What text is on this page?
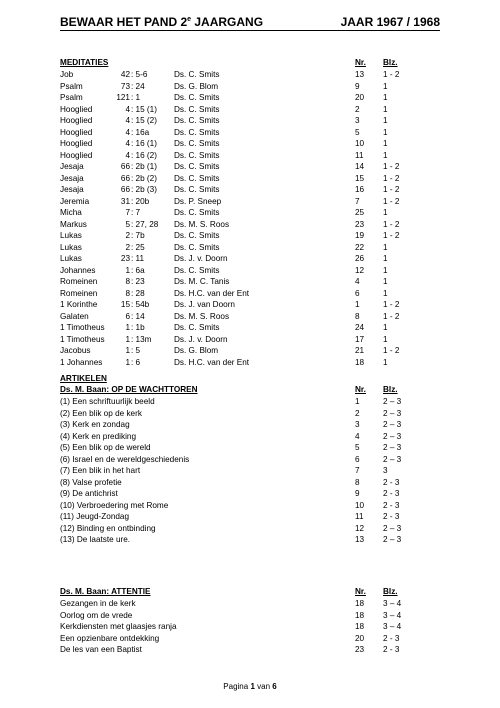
BEWAAR HET PAND 2e JAARGANG	JAAR 1967 / 1968
MEDITATIES	Nr. Blz.
Job	42 : 5-6	Ds. C. Smits	13 1 - 2
Psalm	73 : 24	Ds. G. Blom	9	1
Psalm	121 : 1	Ds. C. Smits	20 1
Hooglied	4 : 15 (1) Ds. C. Smits	2	1
Hooglied	4 : 15 (2) Ds. C. Smits	3	1
Hooglied	4 : 16a	Ds. C. Smits	5	1
Hooglied	4 : 16 (1) Ds. C. Smits	10 1
Hooglied	4 : 16 (2) Ds. C. Smits	11 1
Jesaja	66 : 2b (1) Ds. C. Smits	14 1 - 2
Jesaja	66 : 2b (2) Ds. C. Smits	15 1 - 2
Jesaja	66 : 2b (3) Ds. C. Smits	16 1 - 2
Jeremia	31 : 20b	Ds. P. Sneep	7	1 - 2
Micha	7 : 7	Ds. C. Smits	25 1
Markus	5 : 27, 28 Ds. M. S. Roos	23 1 - 2
Lukas	2 : 7b	Ds. C. Smits	19 1 - 2
Lukas	2 : 25	Ds. C. Smits	22 1
Lukas	23 : 11	Ds. J. v. Doorn	26 1
Johannes	1 : 6a	Ds. C. Smits	12 1
Romeinen	8 : 23	Ds. M. C. Tanis	4	1
Romeinen	8 : 28	Ds. H.C. van der Ent	6	1
1 Korinthe	15 : 54b	Ds. J. van Doorn	1	1 - 2
Galaten	6 : 14	Ds. M. S. Roos	8	1 - 2
1 Timotheus	1 : 1b	Ds. C. Smits	24 1
1 Timotheus	1 : 13m	Ds. J. v. Doorn	17 1
Jacobus	1 : 5	Ds. G. Blom	21 1 - 2
1 Johannes	1 : 6	Ds. H.C. van der Ent	18 1
ARTIKELEN
Ds. M. Baan: OP DE WACHTTOREN	Nr. Blz.
(1) Een schriftuurlijk beeld	1	2 – 3
(2) Een blik op de kerk	2	2 – 3
(3) Kerk en zondag	3	2 – 3
(4) Kerk en prediking	4	2 – 3
(5) Een blik op de wereld	5	2 – 3
(6) Israel en de wereldgeschiedenis	6	2 – 3
(7) Een blik in het hart	7	3
(8) Valse profetie	8	2 - 3
(9) De antichrist	9	2 - 3
(10) Verbroedering met Rome	10 2 - 3
(11) Jeugd-Zondag	11 2 - 3
(12) Binding en ontbinding	12 2 – 3
(13) De laatste ure.	13 2 – 3
Ds. M. Baan: ATTENTIE	Nr. Blz.
Gezangen in de kerk	18 3 – 4
Oorlog om de vrede	18 3 – 4
Kerkdiensten met glaasjes ranja	18 3 – 4
Een opzienbare ontdekking	20 2 - 3
De les van een Baptist	23 2 - 3
Pagina 1 van 6
